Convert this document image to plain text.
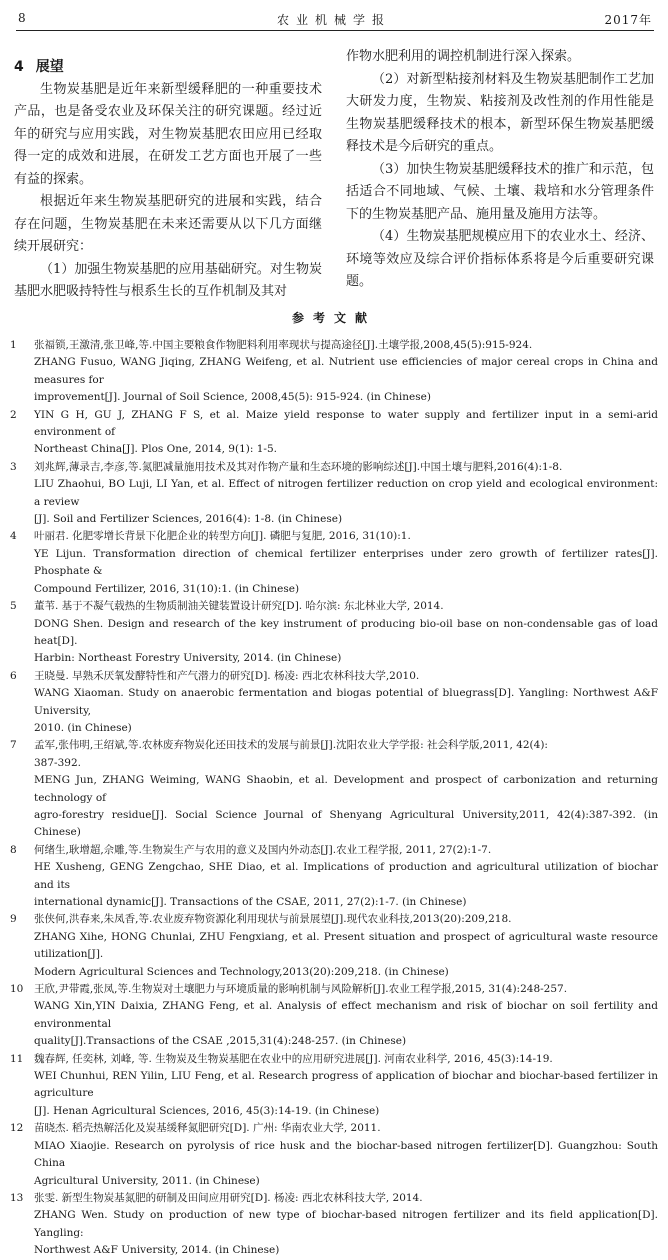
8	农业机械学报	2017年

4 展望

生物炭基肥是近年来新型缓释肥的一种重要技术产品，也是备受农业及环保关注的研究课题。经过近年的研究与应用实践，对生物炭基肥农田应用已经取得一定的成效和进展，在研发工艺方面也开展了一些有益的探索。

根据近年来生物炭基肥研究的进展和实践，结合存在问题，生物炭基肥在未来还需要从以下几方面继续开展研究：

（1）加强生物炭基肥的应用基础研究。对生物炭基肥水肥吸持特性与根系生长的互作机制及其对

作物水肥利用的调控机制进行深入探索。

（2）对新型粘接剂材料及生物炭基肥制作工艺加大研发力度，生物炭、粘接剂及改性剂的作用性能是生物炭基肥缓释技术的根本，新型环保生物炭基肥缓释技术是今后研究的重点。

（3）加快生物炭基肥缓释技术的推广和示范，包括适合不同地域、气候、土壤、栽培和水分管理条件下的生物炭基肥产品、施用量及施用方法等。

（4）生物炭基肥规模应用下的农业水土、经济、环境等效应及综合评价指标体系将是今后重要研究课题。

参考文献
1 张福锁,王激清,张卫峰,等.中国主要粮食作物肥料利用率现状与提高途径[J].土壤学报,2008,45(5):915-924.
ZHANG Fusuo, WANG Jiqing, ZHANG Weifeng, et al. Nutrient use efficiencies of major cereal crops in China and measures for
improvement[J]. Journal of Soil Science, 2008,45(5): 915-924. (in Chinese)
2 YIN G H, GU J, ZHANG F S, et al. Maize yield response to water supply and fertilizer input in a semi-arid environment of
Northeast China[J]. Plos One, 2014, 9(1): 1-5.
3 刘兆辉,薄录吉,李彦,等.氮肥减量施用技术及其对作物产量和生态环境的影响综述[J].中国土壤与肥料,2016(4):1-8.
LIU Zhaohui, BO Luji, LI Yan, et al. Effect of nitrogen fertilizer reduction on crop yield and ecological environment: a review
[J]. Soil and Fertilizer Sciences, 2016(4): 1-8. (in Chinese)
4 叶丽君. 化肥零增长背景下化肥企业的转型方向[J]. 磷肥与复肥, 2016, 31(10):1.
YE Lijun. Transformation direction of chemical fertilizer enterprises under zero growth of fertilizer rates[J]. Phosphate &
Compound Fertilizer, 2016, 31(10):1. (in Chinese)
5 董苇. 基于不凝气载热的生物质制油关键装置设计研究[D]. 哈尔滨: 东北林业大学, 2014.
DONG Shen. Design and research of the key instrument of producing bio-oil base on non-condensable gas of load heat[D].
Harbin: Northeast Forestry University, 2014. (in Chinese)
6 王晓曼. 早熟禾厌氧发酵特性和产气潜力的研究[D]. 杨凌: 西北农林科技大学,2010.
WANG Xiaoman. Study on anaerobic fermentation and biogas potential of bluegrass[D]. Yangling: Northwest A&F University,
2010. (in Chinese)
7 孟军,张伟明,王绍斌,等.农林废弃物炭化还田技术的发展与前景[J].沈阳农业大学学报: 社会科学版,2011, 42(4):
387-392.
MENG Jun, ZHANG Weiming, WANG Shaobin, et al. Development and prospect of carbonization and returning technology of
agro-forestry residue[J]. Social Science Journal of Shenyang Agricultural University,2011, 42(4):387-392. (in Chinese)
8 何绪生,耿增超,佘雕,等.生物炭生产与农用的意义及国内外动态[J].农业工程学报, 2011, 27(2):1-7.
HE Xusheng, GENG Zengchao, SHE Diao, et al. Implications of production and agricultural utilization of biochar and its
international dynamic[J]. Transactions of the CSAE, 2011, 27(2):1-7. (in Chinese)
9 张侠何,洪春来,朱凤香,等.农业废弃物资源化利用现状与前景展望[J].现代农业科技,2013(20):209,218.
ZHANG Xihe, HONG Chunlai, ZHU Fengxiang, et al. Present situation and prospect of agricultural waste resource utilization[J].
Modern Agricultural Sciences and Technology,2013(20):209,218. (in Chinese)
10 王欣,尹带霞,张凤,等.生物炭对土壤肥力与环境质量的影响机制与风险解析[J].农业工程学报,2015, 31(4):248-257.
WANG Xin,YIN Daixia, ZHANG Feng, et al. Analysis of effect mechanism and risk of biochar on soil fertility and environmental
quality[J].Transactions of the CSAE ,2015,31(4):248-257. (in Chinese)
11 魏春辉, 任奕林, 刘峰, 等. 生物炭及生物炭基肥在农业中的应用研究进展[J]. 河南农业科学, 2016, 45(3):14-19.
WEI Chunhui, REN Yilin, LIU Feng, et al. Research progress of application of biochar and biochar-based fertilizer in agriculture
[J]. Henan Agricultural Sciences, 2016, 45(3):14-19. (in Chinese)
12 苗晓杰. 稻壳热解活化及炭基缓释氮肥研究[D]. 广州: 华南农业大学, 2011.
MIAO Xiaojie. Research on pyrolysis of rice husk and the biochar-based nitrogen fertilizer[D]. Guangzhou: South China
Agricultural University, 2011. (in Chinese)
13 张雯. 新型生物炭基氮肥的研制及田间应用研究[D]. 杨凌: 西北农林科技大学, 2014.
ZHANG Wen. Study on production of new type of biochar-based nitrogen fertilizer and its field application[D]. Yangling:
Northwest A&F University, 2014. (in Chinese)
